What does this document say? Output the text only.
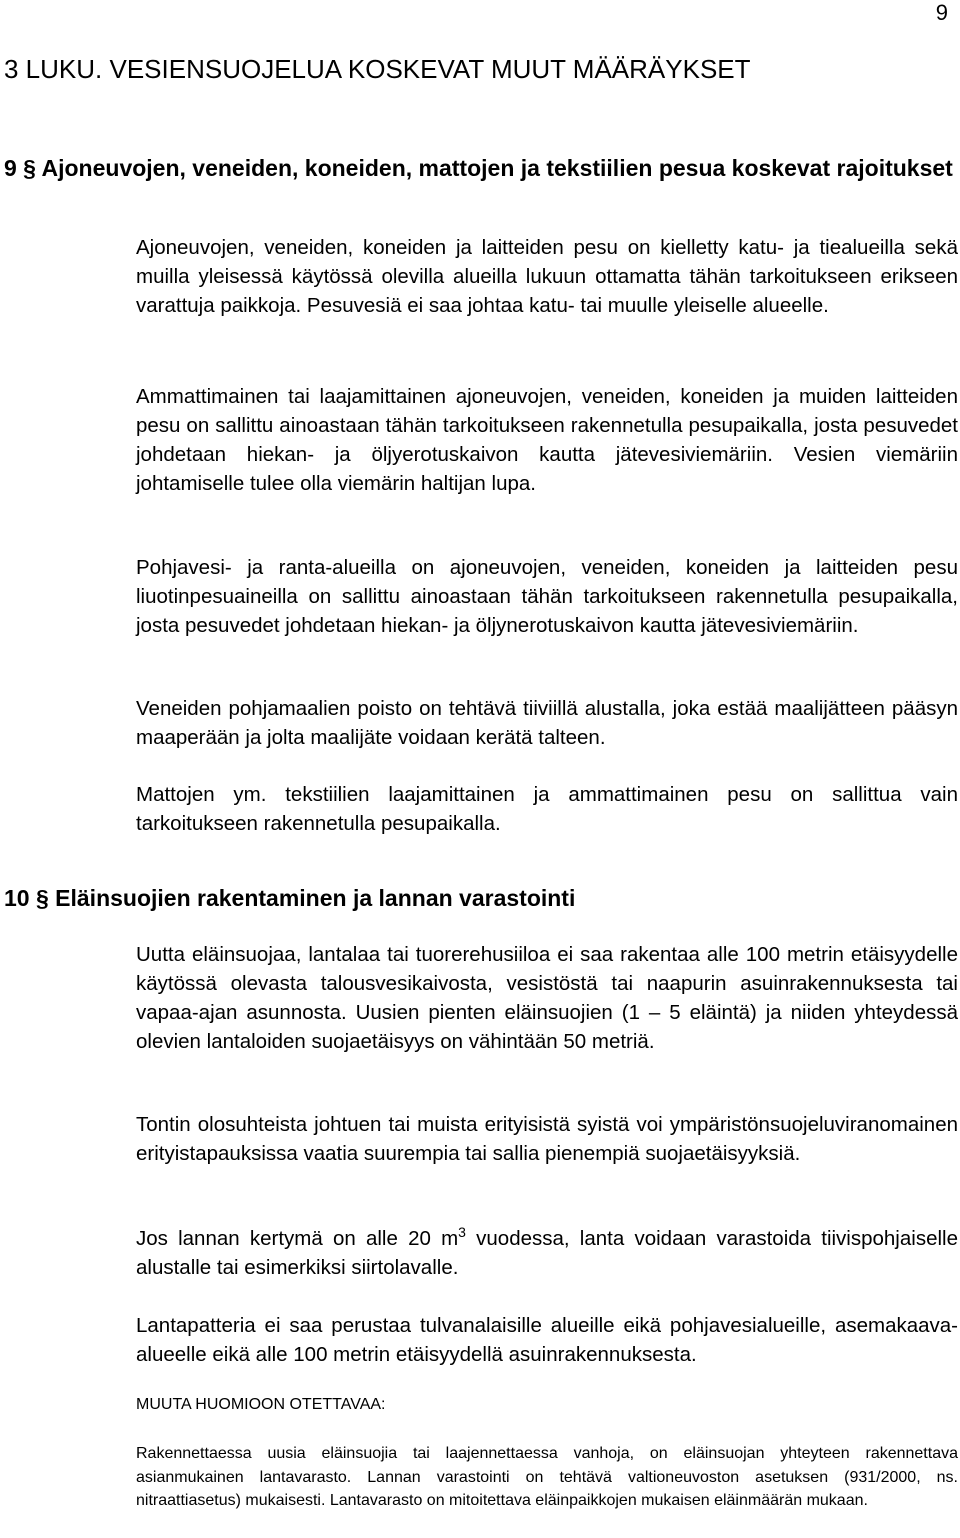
9
3 LUKU. VESIENSUOJELUA KOSKEVAT MUUT MÄÄRÄYKSET
9 § Ajoneuvojen, veneiden, koneiden, mattojen ja tekstiilien pesua koskevat rajoitukset
Ajoneuvojen, veneiden, koneiden ja laitteiden pesu on kielletty katu- ja tiealueilla sekä muilla yleisessä käytössä olevilla alueilla lukuun ottamatta tähän tarkoitukseen erikseen varattuja paikkoja. Pesuvesiä ei saa johtaa katu- tai muulle yleiselle alueelle.
Ammattimainen tai laajamittainen ajoneuvojen, veneiden, koneiden ja muiden laitteiden pesu on sallittu ainoastaan tähän tarkoitukseen rakennetulla pesupaikalla, josta pesuvedet johdetaan hiekan- ja öljyerotuskaivon kautta jätevesiviemäriin. Vesien viemäriin johtamiselle tulee olla viemärin haltijan lupa.
Pohjavesi- ja ranta-alueilla on ajoneuvojen, veneiden, koneiden ja laitteiden pesu liuotinpesuaineilla on sallittu ainoastaan tähän tarkoitukseen rakennetulla pesupaikalla, josta pesuvedet johdetaan hiekan- ja öljynerotuskaivon kautta jätevesiviemäriin.
Veneiden pohjamaalien poisto on tehtävä tiiviillä alustalla, joka estää maalijätteen pääsyn maaperään ja jolta maalijäte voidaan kerätä talteen.
Mattojen ym. tekstiilien laajamittainen ja ammattimainen pesu on sallittua vain tarkoitukseen rakennetulla pesupaikalla.
10 § Eläinsuojien rakentaminen ja lannan varastointi
Uutta eläinsuojaa, lantalaa tai tuorerehusiiloa ei saa rakentaa alle 100 metrin etäisyydelle käytössä olevasta talousvesikaivosta, vesistöstä tai naapurin asuinrakennuksesta tai vapaa-ajan asunnosta. Uusien pienten eläinsuojien (1 – 5 eläintä) ja niiden yhteydessä olevien lantaloiden suojaetäisyys on vähintään 50 metriä.
Tontin olosuhteista johtuen tai muista erityisistä syistä voi ympäristönsuojeluviranomainen erityistapauksissa vaatia suurempia tai sallia pienempiä suojaetäisyyksiä.
Jos lannan kertymä on alle 20 $m^3$ vuodessa, lanta voidaan varastoida tiivispohjaiselle alustalle tai esimerkiksi siirtolavalle.
Lantapatteria ei saa perustaa tulvanalaisille alueille eikä pohjavesialueille, asemakaava-alueelle eikä alle 100 metrin etäisyydellä asuinrakennuksesta.
MUUTA HUOMIOON OTETTAVAA:
Rakennettaessa uusia eläinsuojia tai laajennettaessa vanhoja, on eläinsuojan yhteyteen rakennettava asianmukainen lantavarasto. Lannan varastointi on tehtävä valtioneuvoston asetuksen (931/2000, ns. nitraattiasetus) mukaisesti. Lantavarasto on mitoitettava eläinpaikkojen mukaisen eläinmäärän mukaan.
